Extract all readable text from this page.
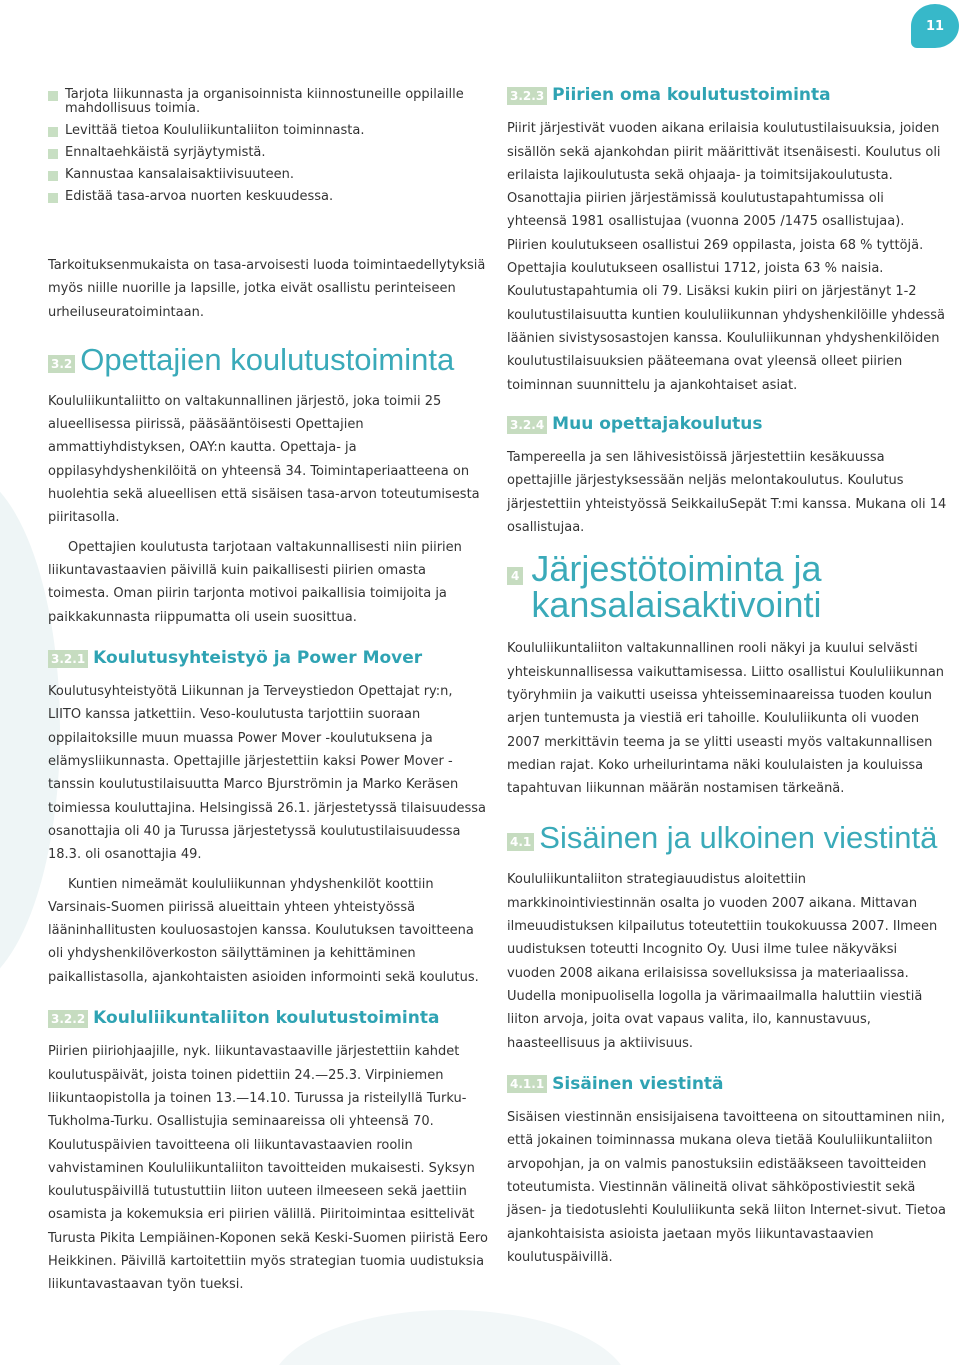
11
Tarjota liikunnasta ja organisoinnista kiinnostuneille oppilaille mahdollisuus toimia.
Levittää tietoa Koululiikuntaliiton toiminnasta.
Ennaltaehkäistä syrjäytymistä.
Kannustaa kansalaisaktiivisuuteen.
Edistää tasa-arvoa nuorten keskuudessa.

Tarkoituksenmukaista on tasa-arvoisesti luoda toimintaedellytyksiä myös niille nuorille ja lapsille, jotka eivät osallistu perinteiseen urheiluseuratoimintaan.

3.2 Opettajien koulutustoiminta

Koululiikuntaliitto on valtakunnallinen järjestö, joka toimii 25 alueellisessa piirissä, pääsääntöisesti Opettajien ammattiyhdistyksen, OAY:n kautta. Opettaja- ja oppilasyhdyshenkilöitä on yhteensä 34. Toimintaperiaatteena on huolehtia sekä alueellisen että sisäisen tasa-arvon toteutumisesta piiritasolla.

Opettajien koulutusta tarjotaan valtakunnallisesti niin piirien liikuntavastaavien päivillä kuin paikallisesti piirien omasta toimesta. Oman piirin tarjonta motivoi paikallisia toimijoita ja paikkakunnasta riippumatta oli usein suosittua.

3.2.1 Koulutusyhteistyö ja Power Mover

Koulutusyhteistyötä Liikunnan ja Terveystiedon Opettajat ry:n, LIITO kanssa jatkettiin. Veso-koulutusta tarjottiin suoraan oppilaitoksille muun muassa Power Mover -koulutuksena ja elämysliikunnasta. Opettajille järjestettiin kaksi Power Mover -tanssin koulutustilaisuutta Marco Bjurströmin ja Marko Keräsen toimiessa kouluttajina. Helsingissä 26.1. järjestetyssä tilaisuudessa osanottajia oli 40 ja Turussa järjestetyssä koulutustilaisuudessa 18.3. oli osanottajia 49.

Kuntien nimeämät koululiikunnan yhdyshenkilöt koottiin Varsinais-Suomen piirissä alueittain yhteen yhteistyössä lääninhallitusten kouluosastojen kanssa. Koulutuksen tavoitteena oli yhdyshenkilöverkoston säilyttäminen ja kehittäminen paikallistasolla, ajankohtaisten asioiden informointi sekä koulutus.

3.2.2 Koululiikuntaliiton koulutustoiminta

Piirien piiriohjaajille, nyk. liikuntavastaaville järjestettiin kahdet koulutuspäivät, joista toinen pidettiin 24.—25.3. Virpiniemen liikuntaopistolla ja toinen 13.—14.10. Turussa ja risteilyllä Turku-Tukholma-Turku. Osallistujia seminaareissa oli yhteensä 70. Koulutuspäivien tavoitteena oli liikuntavastaavien roolin vahvistaminen Koululiikuntaliiton tavoitteiden mukaisesti. Syksyn koulutuspäivillä tutustuttiin liiton uuteen ilmeeseen sekä jaettiin osamista ja kokemuksia eri piirien välillä. Piiritoimintaa esittelivät Turusta Pikita Lempiäinen-Koponen sekä Keski-Suomen piiristä Eero Heikkinen. Päivillä kartoitettiin myös strategian tuomia uudistuksia liikuntavastaavan työn tueksi.

3.2.3 Piirien oma koulutustoiminta

Piirit järjestivät vuoden aikana erilaisia koulutustilaisuuksia, joiden sisällön sekä ajankohdan piirit määrittivät itsenäisesti. Koulutus oli erilaista lajikoulutusta sekä ohjaaja- ja toimitsijakoulutusta. Osanottajia piirien järjestämissä koulutustapahtumissa oli yhteensä 1981 osallistujaa (vuonna 2005 /1475 osallistujaa). Piirien koulutukseen osallistui 269 oppilasta, joista 68 % tyttöjä. Opettajia koulutukseen osallistui 1712, joista 63 % naisia. Koulutustapahtumia oli 79. Lisäksi kukin piiri on järjestänyt 1-2 koulutustilaisuutta kuntien koululiikunnan yhdyshenkilöille yhdessä läänien sivistysosastojen kanssa. Koululiikunnan yhdyshenkilöiden koulutustilaisuuksien pääteemana ovat yleensä olleet piirien toiminnan suunnittelu ja ajankohtaiset asiat.

3.2.4 Muu opettajakoulutus

Tampereella ja sen lähivesistöissä järjestettiin kesäkuussa opettajille järjestyksessään neljäs melontakoulutus. Koulutus järjestettiin yhteistyössä SeikkailuSepät T:mi kanssa. Mukana oli 14 osallistujaa.

4 Järjestötoiminta ja kansalaisaktivointi

Koululiikuntaliiton valtakunnallinen rooli näkyi ja kuului selvästi yhteiskunnallisessa vaikuttamisessa. Liitto osallistui Koululiikunnan työryhmiin ja vaikutti useissa yhteisseminaareissa tuoden koulun arjen tuntemusta ja viestiä eri tahoille. Koululiikunta oli vuoden 2007 merkittävin teema ja se ylitti useasti myös valtakunnallisen median rajat. Koko urheilurintama näki koululaisten ja kouluissa tapahtuvan liikunnan määrän nostamisen tärkeänä.

4.1 Sisäinen ja ulkoinen viestintä

Koululiikuntaliiton strategiauudistus aloitettiin markkinointiviestinnän osalta jo vuoden 2007 aikana. Mittavan ilmeuudistuksen kilpailutus toteutettiin toukokuussa 2007. Ilmeen uudistuksen toteutti Incognito Oy. Uusi ilme tulee näkyväksi vuoden 2008 aikana erilaisissa sovelluksissa ja materiaalissa. Uudella monipuolisella logolla ja värimaailmalla haluttiin viestiä liiton arvoja, joita ovat vapaus valita, ilo, kannustavuus, haasteellisuus ja aktiivisuus.

4.1.1 Sisäinen viestintä

Sisäisen viestinnän ensisijaisena tavoitteena on sitouttaminen niin, että jokainen toiminnassa mukana oleva tietää Koululiikuntaliiton arvopohjan, ja on valmis panostuksiin edistääkseen tavoitteiden toteutumista. Viestinnän välineitä olivat sähköpostiviestit sekä jäsen- ja tiedotuslehti Koululiikunta sekä liiton Internet-sivut. Tietoa ajankohtaisista asioista jaetaan myös liikuntavastaavien koulutuspäivillä.
